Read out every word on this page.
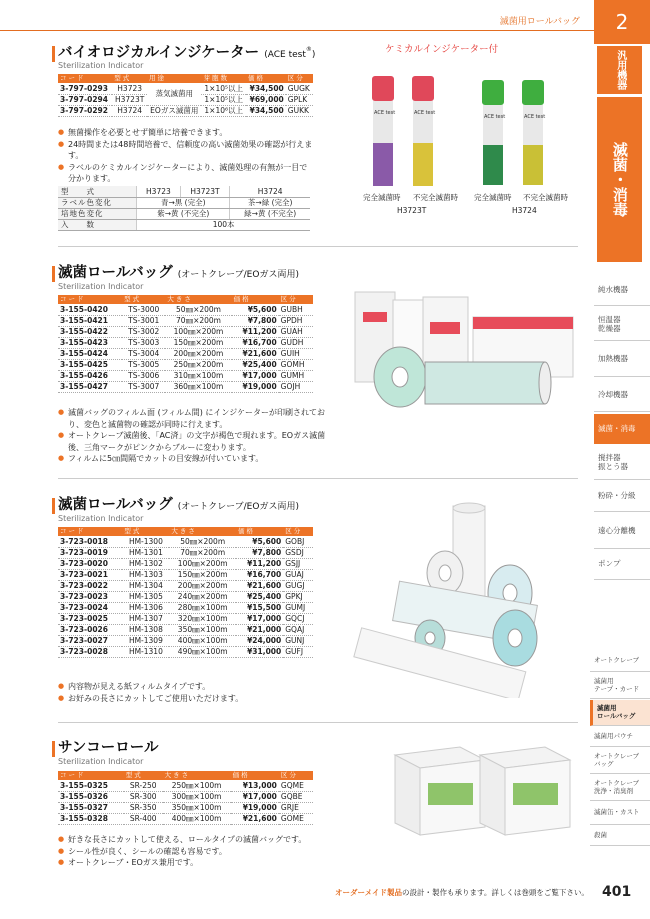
滅菌用ロールバッグ	2
汎用機器
滅菌・消毒
純水機器
恒温器
乾燥器
加熱機器
冷却機器
滅菌・消毒
撹拌器
振とう器
粉砕・分級
遠心分離機
ポンプ
オートクレーブ
滅菌用
テープ・カード
滅菌用
ロールバッグ
滅菌用パウチ
オートクレーブ
バッグ
オートクレーブ
洗浄・消臭剤
滅菌缶・カスト
殺菌
バイオロジカルインジケーター (ACE test®)
Sterilization Indicator
コード	型式	用途	芽胞数	価格	区分
3-797-0293	H3723	蒸気滅菌用	1×10⁵以上	¥34,500	GUGK
3-797-0294	H3723T		1×10⁵以上	¥69,000	GPLK
3-797-0292	H3724	EOガス滅菌用	1×10⁶以上	¥34,500	GUKK
● 無菌操作を必要とせず簡単に培養できます。
● 24時間または48時間培養で、信頼度の高い滅菌効果の確認が行えます。
● ラベルのケミカルインジケーターにより、滅菌処理の有無が一目で分かります。
型　　式	H3723	H3723T	H3724
ラベル色変化	青→黒 (完全)		茶→緑 (完全)
培地色変化	紫→黄 (不完全)		緑→黄 (不完全)
入　　数	100本		
ケミカルインジケーター付
ACE test	ACE test
ACE test	ACE test
完全滅菌時 不完全滅菌時 完全滅菌時 不完全滅菌時
H3723T	H3724
滅菌ロールバッグ (オートクレーブ/EOガス両用)
Sterilization Indicator
コード	型式	大きさ	価格	区分
3-155-0420	TS-3000	50㎜×200m	¥5,600	GUBH
3-155-0421	TS-3001	70㎜×200m	¥7,800	GPDH
3-155-0422	TS-3002	100㎜×200m	¥11,200	GUAH
3-155-0423	TS-3003	150㎜×200m	¥16,700	GUDH
3-155-0424	TS-3004	200㎜×200m	¥21,600	GUIH
3-155-0425	TS-3005	250㎜×200m	¥25,400	GOMH
3-155-0426	TS-3006	310㎜×100m	¥17,000	GUMH
3-155-0427	TS-3007	360㎜×100m	¥19,000	GOJH
● 滅菌バッグのフィルム面 (フィルム間) にインジケーターが印刷されており、変色と滅菌物の確認が同時に行えます。
● オートクレーブ滅菌後、「AC済」の文字が褐色で現れます。EOガス滅菌後、三角マークがピンクからブルーに変わります。
● フィルムに5㎝間隔でカットの目安線が付いています。
滅菌ロールバッグ (オートクレーブ/EOガス両用)
Sterilization Indicator
コード	型式	大きさ	価格	区分
3-723-0018	HM-1300	50㎜×200m	¥5,600	GOBJ
3-723-0019	HM-1301	70㎜×200m	¥7,800	GSDJ
3-723-0020	HM-1302	100㎜×200m	¥11,200	GSJJ
3-723-0021	HM-1303	150㎜×200m	¥16,700	GUAJ
3-723-0022	HM-1304	200㎜×200m	¥21,600	GUGJ
3-723-0023	HM-1305	240㎜×200m	¥25,400	GPKJ
3-723-0024	HM-1306	280㎜×100m	¥15,500	GUMJ
3-723-0025	HM-1307	320㎜×100m	¥17,000	GQCJ
3-723-0026	HM-1308	350㎜×100m	¥21,000	GQAJ
3-723-0027	HM-1309	400㎜×100m	¥24,000	GUNJ
3-723-0028	HM-1310	490㎜×100m	¥31,000	GUFJ
● 内容物が見える紙フィルムタイプです。
● お好みの長さにカットしてご使用いただけます。
サンコーロール
Sterilization Indicator
コード	型式	大きさ	価格	区分
3-155-0325	SR-250	250㎜×100m	¥13,000	GQME
3-155-0326	SR-300	300㎜×100m	¥17,000	GQBE
3-155-0327	SR-350	350㎜×100m	¥19,000	GRJE
3-155-0328	SR-400	400㎜×100m	¥21,600	GOME
● 好きな長さにカットして使える、ロールタイプの滅菌バッグです。
● シール性が良く、シールの確認も容易です。
● オートクレーブ・EOガス兼用です。
オーダーメイド製品の設計・製作も承ります。詳しくは巻頭をご覧下さい。 401
